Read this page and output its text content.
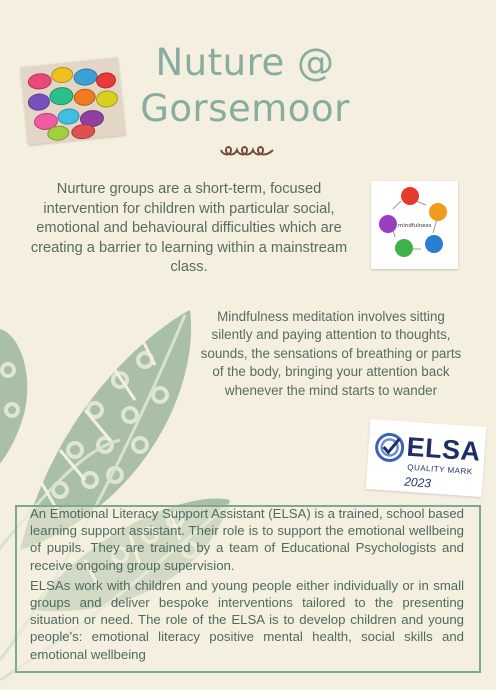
Nuture @
Gorsemoor
Nurture groups are a short-term, focused intervention for children with particular social, emotional and behavioural difficulties which are creating a barrier to learning within a mainstream class.
mindfulness
Mindfulness meditation involves sitting silently and paying attention to thoughts, sounds, the sensations of breathing or parts of the body, bringing your attention back whenever the mind starts to wander
ELSA
QUALITY MARK
2023

An Emotional Literacy Support Assistant (ELSA) is a trained, school based learning support assistant. Their role is to support the emotional wellbeing of pupils. They are trained by a team of Educational Psychologists and receive ongoing group supervision.

ELSAs work with children and young people either individually or in small groups and deliver bespoke interventions tailored to the presenting situation or need. The role of the ELSA is to develop children and young people's: emotional literacy positive mental health, social skills and emotional wellbeing
